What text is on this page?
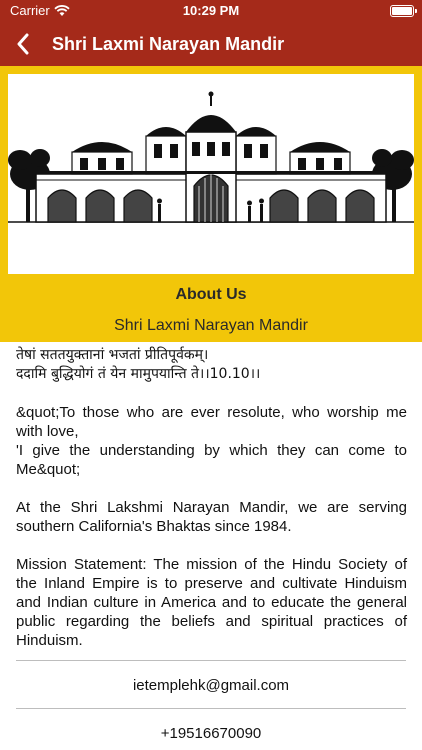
Carrier	10:29 PM
Shri Laxmi Narayan Mandir
About Us
Shri Laxmi Narayan Mandir

तेषां सततयुक्तानां भजतां प्रीतिपूर्वकम्।
ददामि बुद्धियोगं तं येन मामुपयान्ति ते।।10.10।।

&quot;To those who are ever resolute, who worship me with love,
'I give the understanding by which they can come to Me&quot;

At the Shri Lakshmi Narayan Mandir, we are serving southern California's Bhaktas since 1984.

Mission Statement: The mission of the Hindu Society of the Inland Empire is to preserve and cultivate Hinduism and Indian culture in America and to educate the general public regarding the beliefs and spiritual practices of Hinduism.

ietemplehk@gmail.com
+19516670090
